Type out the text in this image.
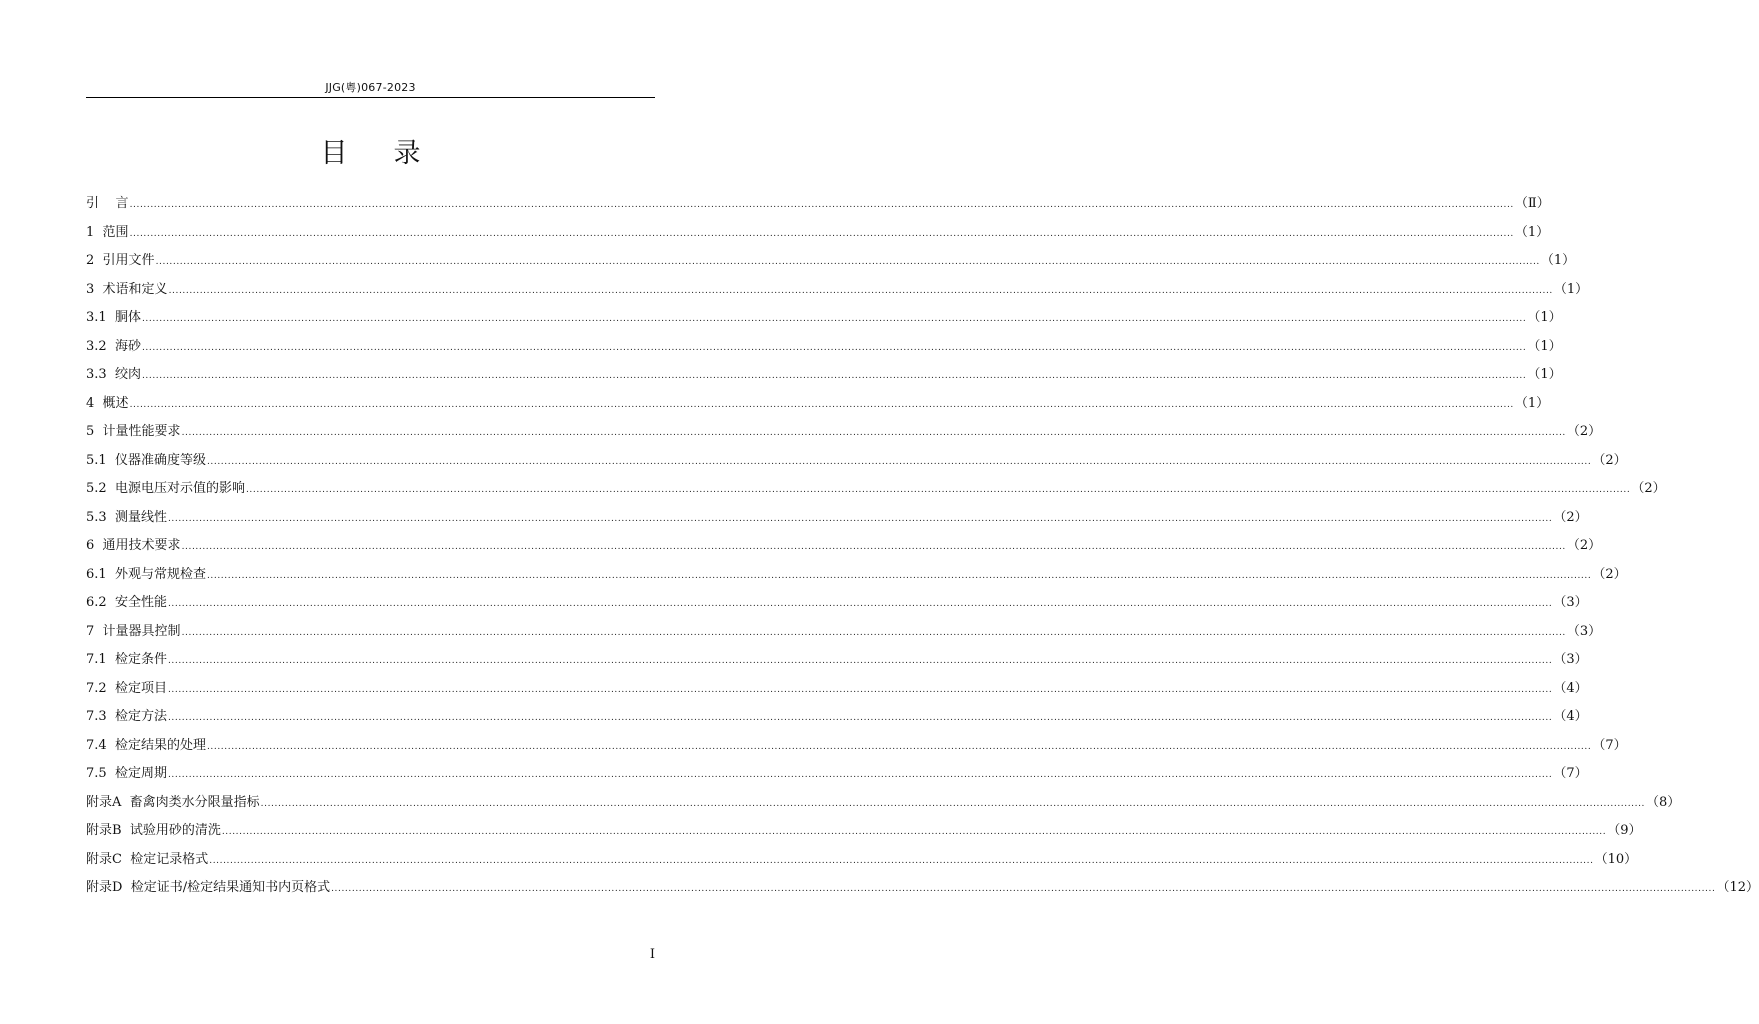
JJG(粤)067-2023
目录
引
言 ................................................................................................................................................................................................................................................................................................................................................................................................................ （Ⅱ）
1
范围 ................................................................................................................................................................................................................................................................................................................................................................................................................ （1）
2
引用文件 ................................................................................................................................................................................................................................................................................................................................................................................................................ （1）
3
术语和定义 ................................................................................................................................................................................................................................................................................................................................................................................................................ （1）
3.1
胴体 ................................................................................................................................................................................................................................................................................................................................................................................................................ （1）
3.2
海砂 ................................................................................................................................................................................................................................................................................................................................................................................................................ （1）
3.3
绞肉 ................................................................................................................................................................................................................................................................................................................................................................................................................ （1）
4
概述 ................................................................................................................................................................................................................................................................................................................................................................................................................ （1）
5
计量性能要求 ................................................................................................................................................................................................................................................................................................................................................................................................................ （2）
5.1
仪器准确度等级 ................................................................................................................................................................................................................................................................................................................................................................................................................ （2）
5.2
电源电压对示值的影响 ................................................................................................................................................................................................................................................................................................................................................................................................................ （2）
5.3
测量线性 ................................................................................................................................................................................................................................................................................................................................................................................................................ （2）
6
通用技术要求 ................................................................................................................................................................................................................................................................................................................................................................................................................ （2）
6.1
外观与常规检查 ................................................................................................................................................................................................................................................................................................................................................................................................................ （2）
6.2
安全性能 ................................................................................................................................................................................................................................................................................................................................................................................................................ （3）
7
计量器具控制 ................................................................................................................................................................................................................................................................................................................................................................................................................ （3）
7.1
检定条件 ................................................................................................................................................................................................................................................................................................................................................................................................................ （3）
7.2
检定项目 ................................................................................................................................................................................................................................................................................................................................................................................................................ （4）
7.3
检定方法 ................................................................................................................................................................................................................................................................................................................................................................................................................ （4）
7.4
检定结果的处理 ................................................................................................................................................................................................................................................................................................................................................................................................................ （7）
7.5
检定周期 ................................................................................................................................................................................................................................................................................................................................................................................................................ （7）
附录A
畜禽肉类水分限量指标 ................................................................................................................................................................................................................................................................................................................................................................................................................ （8）
附录B
试验用砂的清洗 ................................................................................................................................................................................................................................................................................................................................................................................................................ （9）
附录C
检定记录格式 ................................................................................................................................................................................................................................................................................................................................................................................................................ （10）
附录D
检定证书/检定结果通知书内页格式 ................................................................................................................................................................................................................................................................................................................................................................................................................ （12）
I
